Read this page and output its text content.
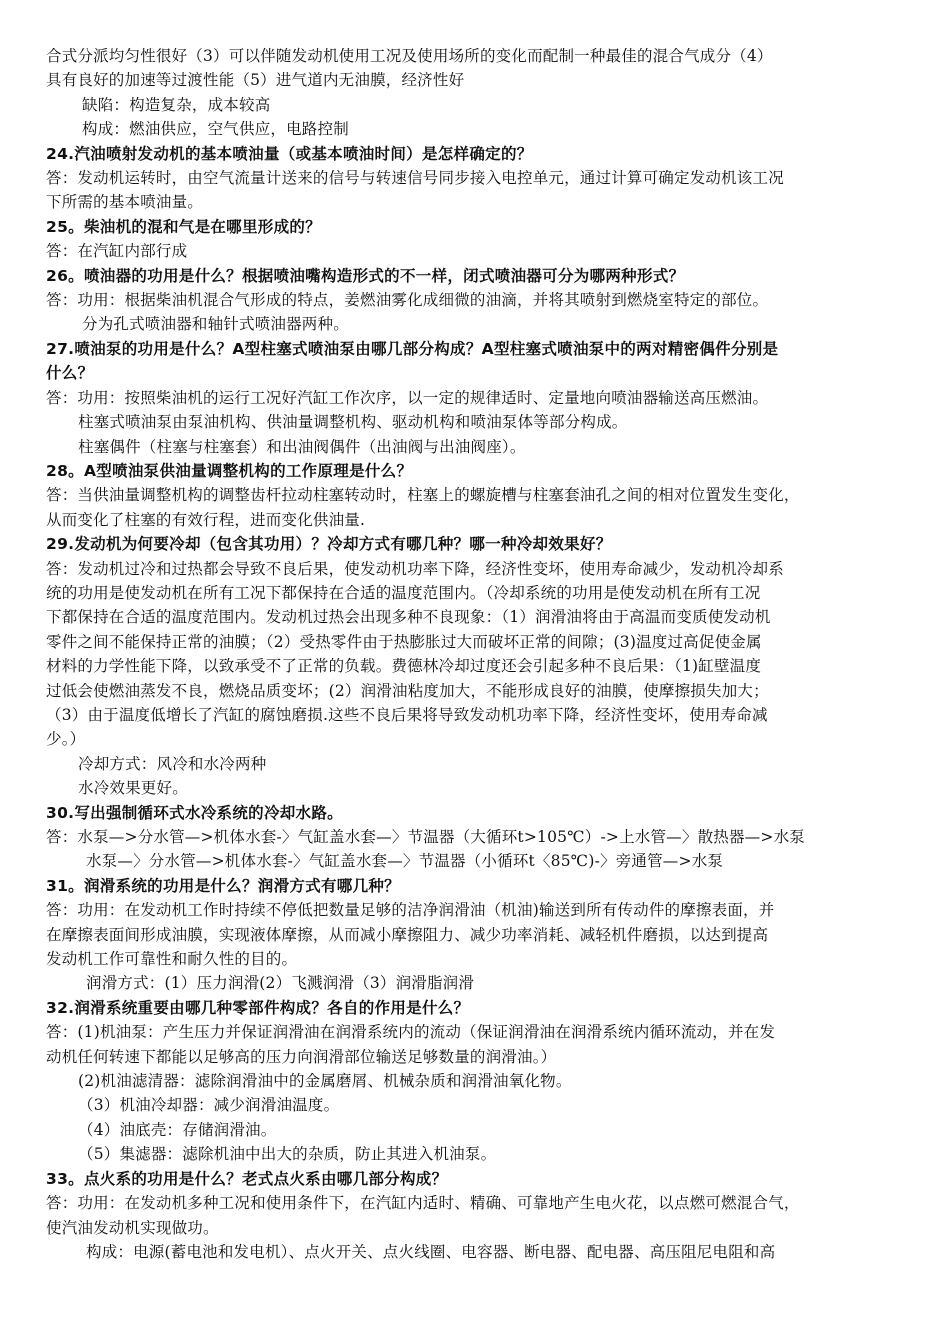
合式分派均匀性很好（3）可以伴随发动机使用工况及使用场所的变化而配制一种最佳的混合气成分（4）
具有良好的加速等过渡性能（5）进气道内无油膜，经济性好
缺陷：构造复杂，成本较高
构成：燃油供应，空气供应，电路控制
24.汽油喷射发动机的基本喷油量（或基本喷油时间）是怎样确定的？
答：发动机运转时，由空气流量计送来的信号与转速信号同步接入电控单元，通过计算可确定发动机该工况
下所需的基本喷油量。
25。柴油机的混和气是在哪里形成的？
答：在汽缸内部行成
26。喷油器的功用是什么？根据喷油嘴构造形式的不一样，闭式喷油器可分为哪两种形式？
答：功用：根据柴油机混合气形成的特点，姜燃油雾化成细微的油滴，并将其喷射到燃烧室特定的部位。
分为孔式喷油器和轴针式喷油器两种。
27.喷油泵的功用是什么？A型柱塞式喷油泵由哪几部分构成？A型柱塞式喷油泵中的两对精密偶件分别是
什么？
答：功用：按照柴油机的运行工况好汽缸工作次序，以一定的规律适时、定量地向喷油器输送高压燃油。
柱塞式喷油泵由泵油机构、供油量调整机构、驱动机构和喷油泵体等部分构成。
柱塞偶件（柱塞与柱塞套）和出油阀偶件（出油阀与出油阀座）。
28。A型喷油泵供油量调整机构的工作原理是什么？
答：当供油量调整机构的调整齿杆拉动柱塞转动时，柱塞上的螺旋槽与柱塞套油孔之间的相对位置发生变化，
从而变化了柱塞的有效行程，进而变化供油量.
29.发动机为何要冷却（包含其功用）？冷却方式有哪几种？哪一种冷却效果好？
答：发动机过冷和过热都会导致不良后果，使发动机功率下降，经济性变坏，使用寿命减少，发动机冷却系
统的功用是使发动机在所有工况下都保持在合适的温度范围内。（冷却系统的功用是使发动机在所有工况
下都保持在合适的温度范围内。发动机过热会出现多种不良现象：（1）润滑油将由于高温而变质使发动机
零件之间不能保持正常的油膜；（2）受热零件由于热膨胀过大而破坏正常的间隙；(3)温度过高促使金属
材料的力学性能下降，以致承受不了正常的负载。费德林冷却过度还会引起多种不良后果：（1)缸壁温度
过低会使燃油蒸发不良，燃烧品质变坏；(2）润滑油粘度加大，不能形成良好的油膜，使摩擦损失加大；
（3）由于温度低增长了汽缸的腐蚀磨损.这些不良后果将导致发动机功率下降，经济性变坏，使用寿命减
少。）
冷却方式：风冷和水冷两种
水冷效果更好。
30.写出强制循环式水冷系统的冷却水路。
答：水泵—>分水管—>机体水套-〉气缸盖水套—〉节温器（大循环t>105℃）->上水管—〉散热器—>水泵
水泵—〉分水管—>机体水套-〉气缸盖水套—〉节温器（小循环t〈85℃)-〉旁通管—>水泵
31。润滑系统的功用是什么？润滑方式有哪几种？
答：功用：在发动机工作时持续不停低把数量足够的洁净润滑油（机油)输送到所有传动件的摩擦表面，并
在摩擦表面间形成油膜，实现液体摩擦，从而减小摩擦阻力、减少功率消耗、减轻机件磨损，以达到提高
发动机工作可靠性和耐久性的目的。
润滑方式：(1）压力润滑(2）飞溅润滑（3）润滑脂润滑
32.润滑系统重要由哪几种零部件构成？各自的作用是什么？
答：(1)机油泵：产生压力并保证润滑油在润滑系统内的流动（保证润滑油在润滑系统内循环流动，并在发
动机任何转速下都能以足够高的压力向润滑部位输送足够数量的润滑油。）
(2)机油滤清器：滤除润滑油中的金属磨屑、机械杂质和润滑油氧化物。
（3）机油冷却器：减少润滑油温度。
（4）油底壳：存储润滑油。
（5）集滤器：滤除机油中出大的杂质，防止其进入机油泵。
33。点火系的功用是什么？老式点火系由哪几部分构成？
答：功用：在发动机多种工况和使用条件下，在汽缸内适时、精确、可靠地产生电火花，以点燃可燃混合气，
使汽油发动机实现做功。
构成：电源(蓄电池和发电机）、点火开关、点火线圈、电容器、断电器、配电器、高压阻尼电阻和高
